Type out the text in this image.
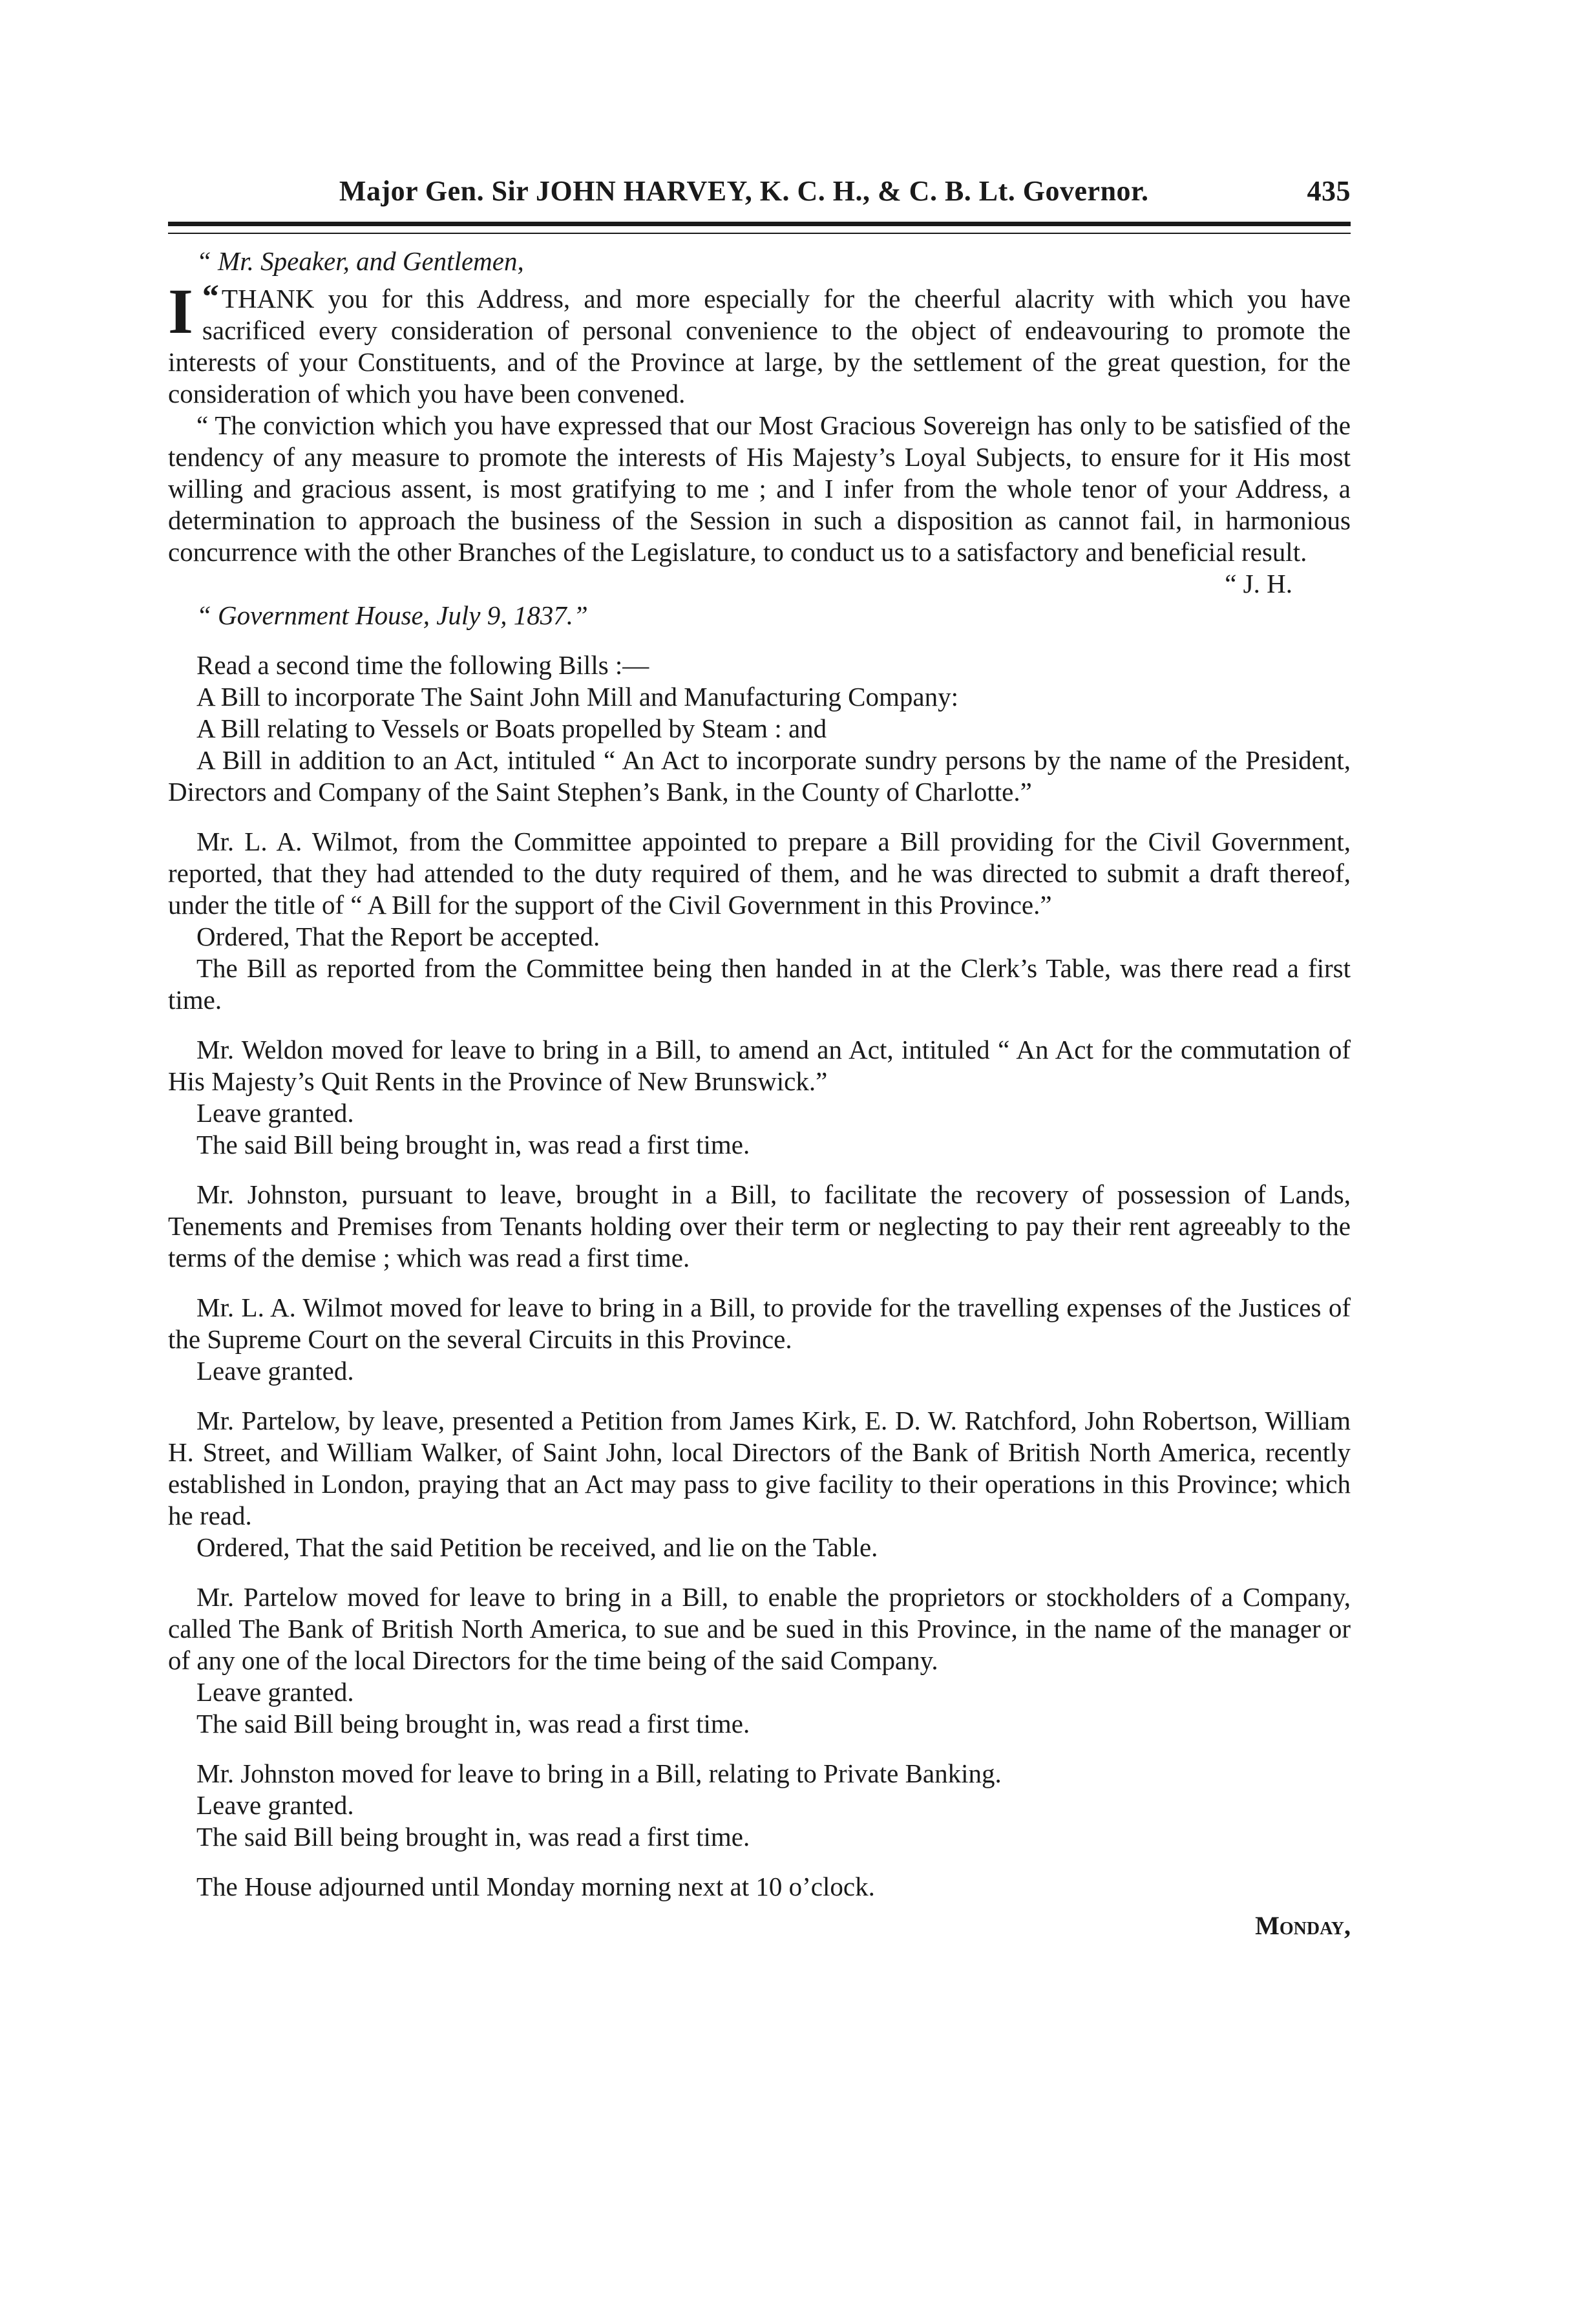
Major Gen. Sir JOHN HARVEY, K. C. H., & C. B. Lt. Governor.	435
“ Mr. Speaker, and Gentlemen,

“
I THANK you for this Address, and more especially for the cheerful alacrity with which you have sacrificed every consideration of personal convenience to the object of endeavouring to promote the interests of your Constituents, and of the Province at large, by the settlement of the great question, for the consideration of which you have been convened.

“ The conviction which you have expressed that our Most Gracious Sovereign has only to be satisfied of the tendency of any measure to promote the interests of His Majesty’s Loyal Subjects, to ensure for it His most willing and gracious assent, is most gratifying to me ; and I infer from the whole tenor of your Address, a determination to approach the business of the Session in such a disposition as cannot fail, in harmonious concurrence with the other Branches of the Legislature, to conduct us to a satisfactory and beneficial result.

“ J. H.

“ Government House, July 9, 1837.”

Read a second time the following Bills :—

A Bill to incorporate The Saint John Mill and Manufacturing Company:

A Bill relating to Vessels or Boats propelled by Steam : and

A Bill in addition to an Act, intituled “ An Act to incorporate sundry persons by the name of the President, Directors and Company of the Saint Stephen’s Bank, in the County of Charlotte.”

Mr. L. A. Wilmot, from the Committee appointed to prepare a Bill providing for the Civil Government, reported, that they had attended to the duty required of them, and he was directed to submit a draft thereof, under the title of “ A Bill for the support of the Civil Government in this Province.”

Ordered, That the Report be accepted.

The Bill as reported from the Committee being then handed in at the Clerk’s Table, was there read a first time.

Mr. Weldon moved for leave to bring in a Bill, to amend an Act, intituled “ An Act for the commutation of His Majesty’s Quit Rents in the Province of New Brunswick.”

Leave granted.

The said Bill being brought in, was read a first time.

Mr. Johnston, pursuant to leave, brought in a Bill, to facilitate the recovery of possession of Lands, Tenements and Premises from Tenants holding over their term or neglecting to pay their rent agreeably to the terms of the demise ; which was read a first time.

Mr. L. A. Wilmot moved for leave to bring in a Bill, to provide for the travelling expenses of the Justices of the Supreme Court on the several Circuits in this Province.

Leave granted.

Mr. Partelow, by leave, presented a Petition from James Kirk, E. D. W. Ratchford, John Robertson, William H. Street, and William Walker, of Saint John, local Directors of the Bank of British North America, recently established in London, praying that an Act may pass to give facility to their operations in this Province; which he read.

Ordered, That the said Petition be received, and lie on the Table.

Mr. Partelow moved for leave to bring in a Bill, to enable the proprietors or stockholders of a Company, called The Bank of British North America, to sue and be sued in this Province, in the name of the manager or of any one of the local Directors for the time being of the said Company.

Leave granted.

The said Bill being brought in, was read a first time.

Mr. Johnston moved for leave to bring in a Bill, relating to Private Banking.

Leave granted.

The said Bill being brought in, was read a first time.

The House adjourned until Monday morning next at 10 o’clock.

Monday,
